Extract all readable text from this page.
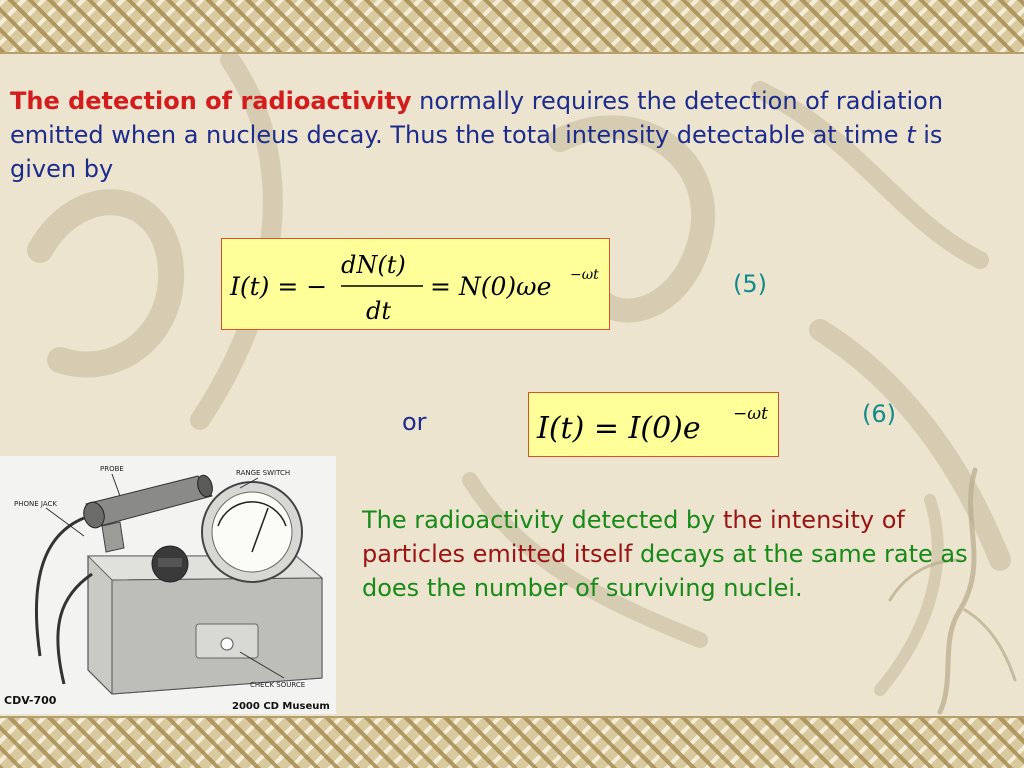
The detection of radioactivity normally requires the detection of radiation emitted when a nucleus decay. Thus the total intensity detectable at time t is given by

I(t) = −
dN(t)
dt
= N(0)ωe −ωt	(5)
or	I(t) = I(0)e −ωt	(6)
PROBE	RANGE SWITCH
PHONE JACK
CHECK SOURCE
CDV-700	2000 CD Museum

The radioactivity detected by the intensity of particles emitted itself decays at the same rate as does the number of surviving nuclei.
